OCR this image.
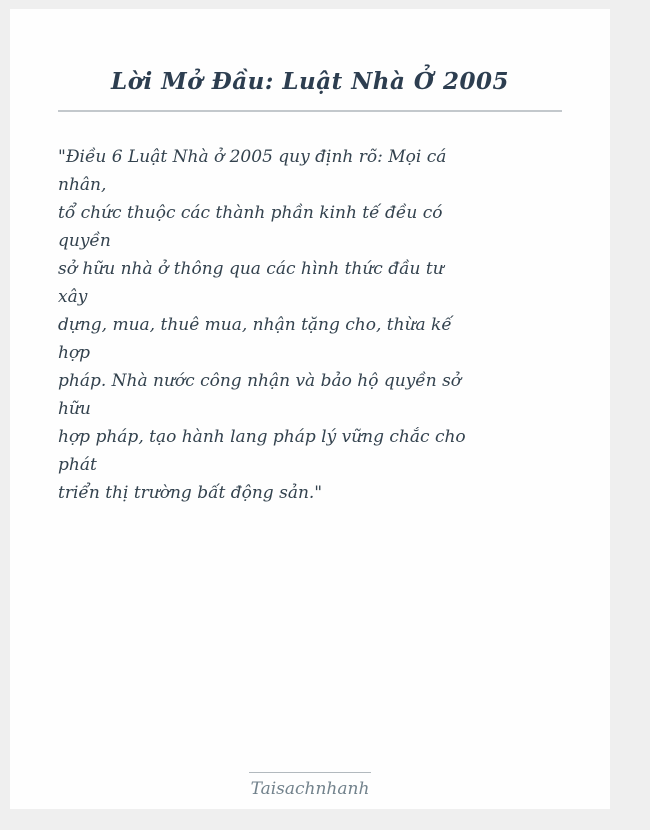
Lời Mở Đầu: Luật Nhà Ở 2005
"Điều 6 Luật Nhà ở 2005 quy định rõ: Mọi cá
nhân,
tổ chức thuộc các thành phần kinh tế đều có
quyền
sở hữu nhà ở thông qua các hình thức đầu tư
xây
dựng, mua, thuê mua, nhận tặng cho, thừa kế
hợp
pháp. Nhà nước công nhận và bảo hộ quyền sở
hữu
hợp pháp, tạo hành lang pháp lý vững chắc cho
phát
triển thị trường bất động sản."
Taisachnhanh
